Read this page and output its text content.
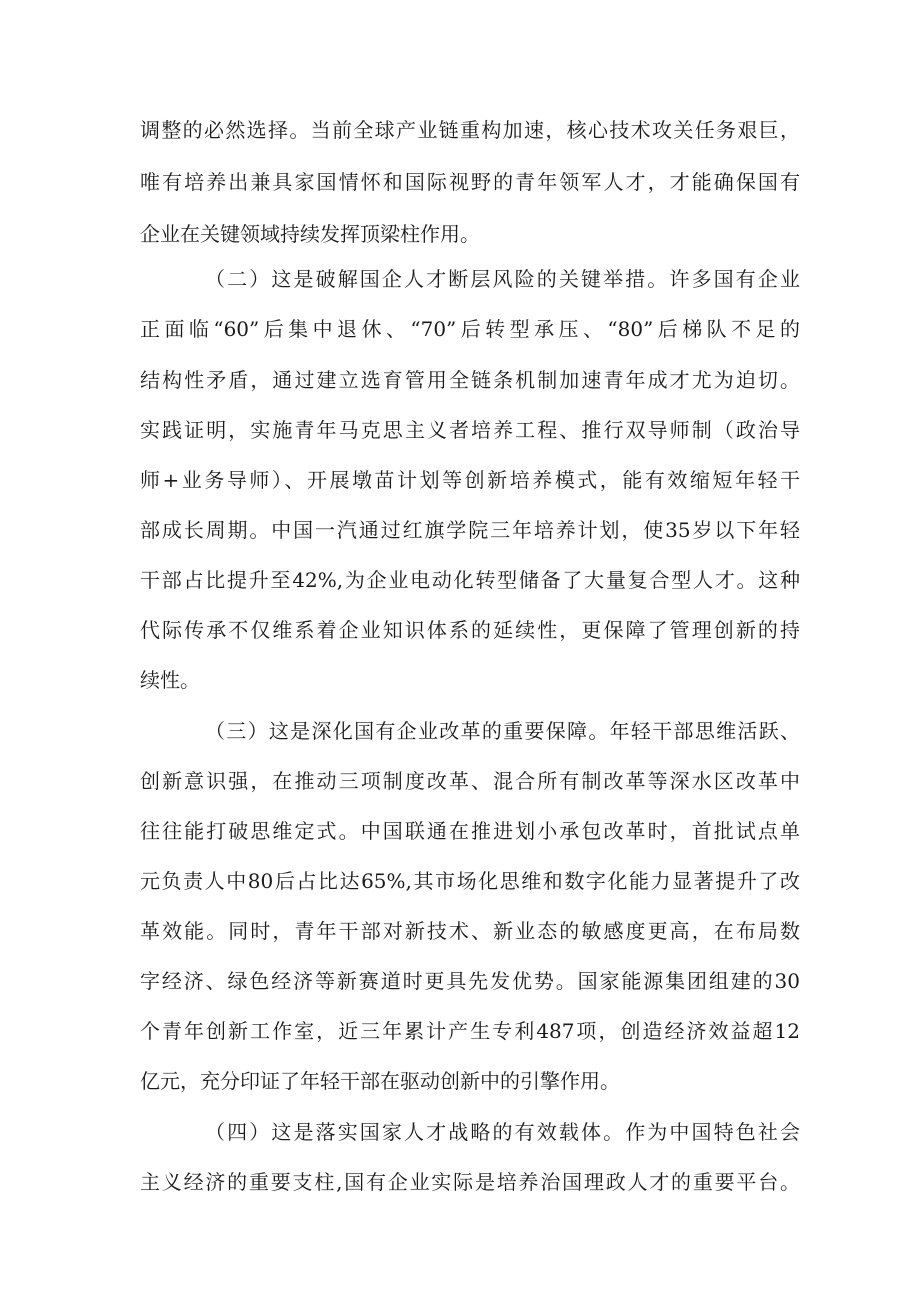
调整的必然选择。当前全球产业链重构加速，核心技术攻关任务艰巨，
唯有培养出兼具家国情怀和国际视野的青年领军人才，才能确保国有
企业在关键领域持续发挥顶梁柱作用。
（二）这是破解国企人才断层风险的关键举措。许多国有企业
正面临“60”后集中退休、“70”后转型承压、“80”后梯队不足的
结构性矛盾，通过建立选育管用全链条机制加速青年成才尤为迫切。
实践证明，实施青年马克思主义者培养工程、推行双导师制（政治导
师+业务导师）、开展墩苗计划等创新培养模式，能有效缩短年轻干
部成长周期。中国一汽通过红旗学院三年培养计划，使35岁以下年轻
干部占比提升至42%,为企业电动化转型储备了大量复合型人才。这种
代际传承不仅维系着企业知识体系的延续性，更保障了管理创新的持
续性。
（三）这是深化国有企业改革的重要保障。年轻干部思维活跃、
创新意识强，在推动三项制度改革、混合所有制改革等深水区改革中
往往能打破思维定式。中国联通在推进划小承包改革时，首批试点单
元负责人中80后占比达65%,其市场化思维和数字化能力显著提升了改
革效能。同时，青年干部对新技术、新业态的敏感度更高，在布局数
字经济、绿色经济等新赛道时更具先发优势。国家能源集团组建的30
个青年创新工作室，近三年累计产生专利487项，创造经济效益超12
亿元，充分印证了年轻干部在驱动创新中的引擎作用。
（四）这是落实国家人才战略的有效载体。作为中国特色社会
主义经济的重要支柱,国有企业实际是培养治国理政人才的重要平台。
